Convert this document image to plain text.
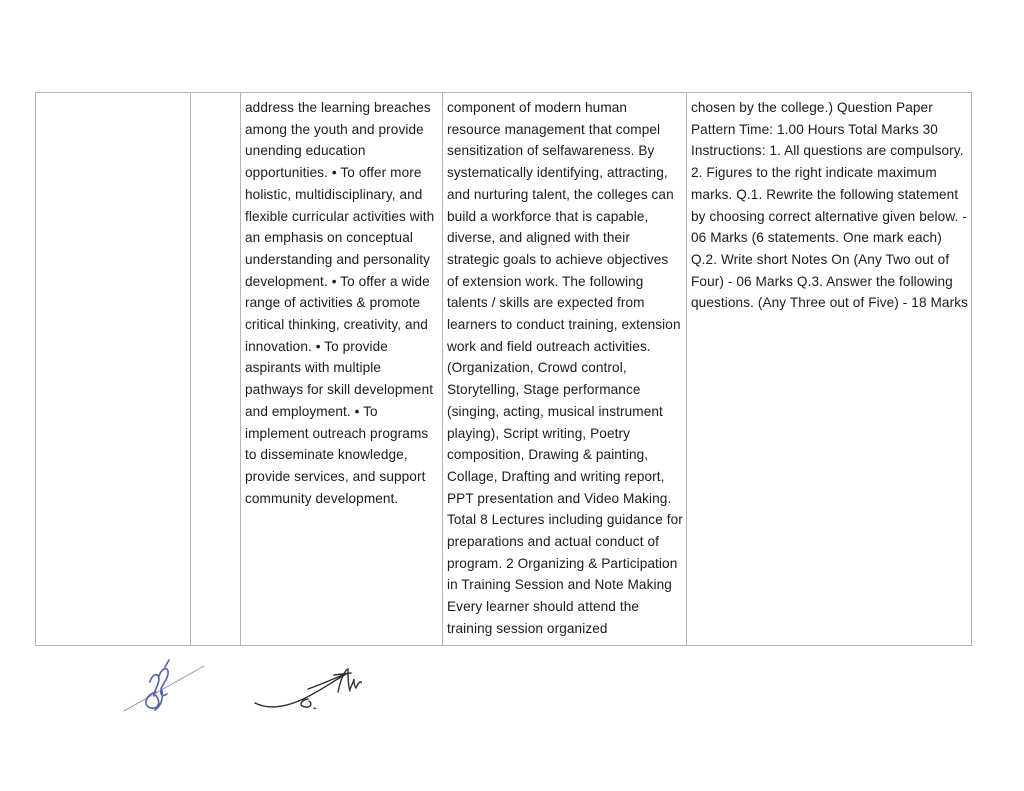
		address the learning breaches among the youth and provide unending education opportunities. • To offer more holistic, multidisciplinary, and flexible curricular activities with an emphasis on conceptual understanding and personality development. • To offer a wide range of activities & promote critical thinking, creativity, and innovation. • To provide aspirants with multiple pathways for skill development and employment. • To implement outreach programs to disseminate knowledge, provide services, and support community development.	component of modern human resource management that compel sensitization of selfawareness. By systematically identifying, attracting, and nurturing talent, the colleges can build a workforce that is capable, diverse, and aligned with their strategic goals to achieve objectives of extension work. The following talents / skills are expected from learners to conduct training, extension work and field outreach activities. (Organization, Crowd control, Storytelling, Stage performance (singing, acting, musical instrument playing), Script writing, Poetry composition, Drawing & painting, Collage, Drafting and writing report, PPT presentation and Video Making. Total 8 Lectures including guidance for preparations and actual conduct of program. 2 Organizing & Participation in Training Session and Note Making Every learner should attend the training session organized	chosen by the college.) Question Paper Pattern Time: 1.00 Hours Total Marks 30 Instructions: 1. All questions are compulsory. 2. Figures to the right indicate maximum marks. Q.1. Rewrite the following statement by choosing correct alternative given below. - 06 Marks (6 statements. One mark each) Q.2. Write short Notes On (Any Two out of Four) - 06 Marks Q.3. Answer the following questions. (Any Three out of Five) - 18 Marks
